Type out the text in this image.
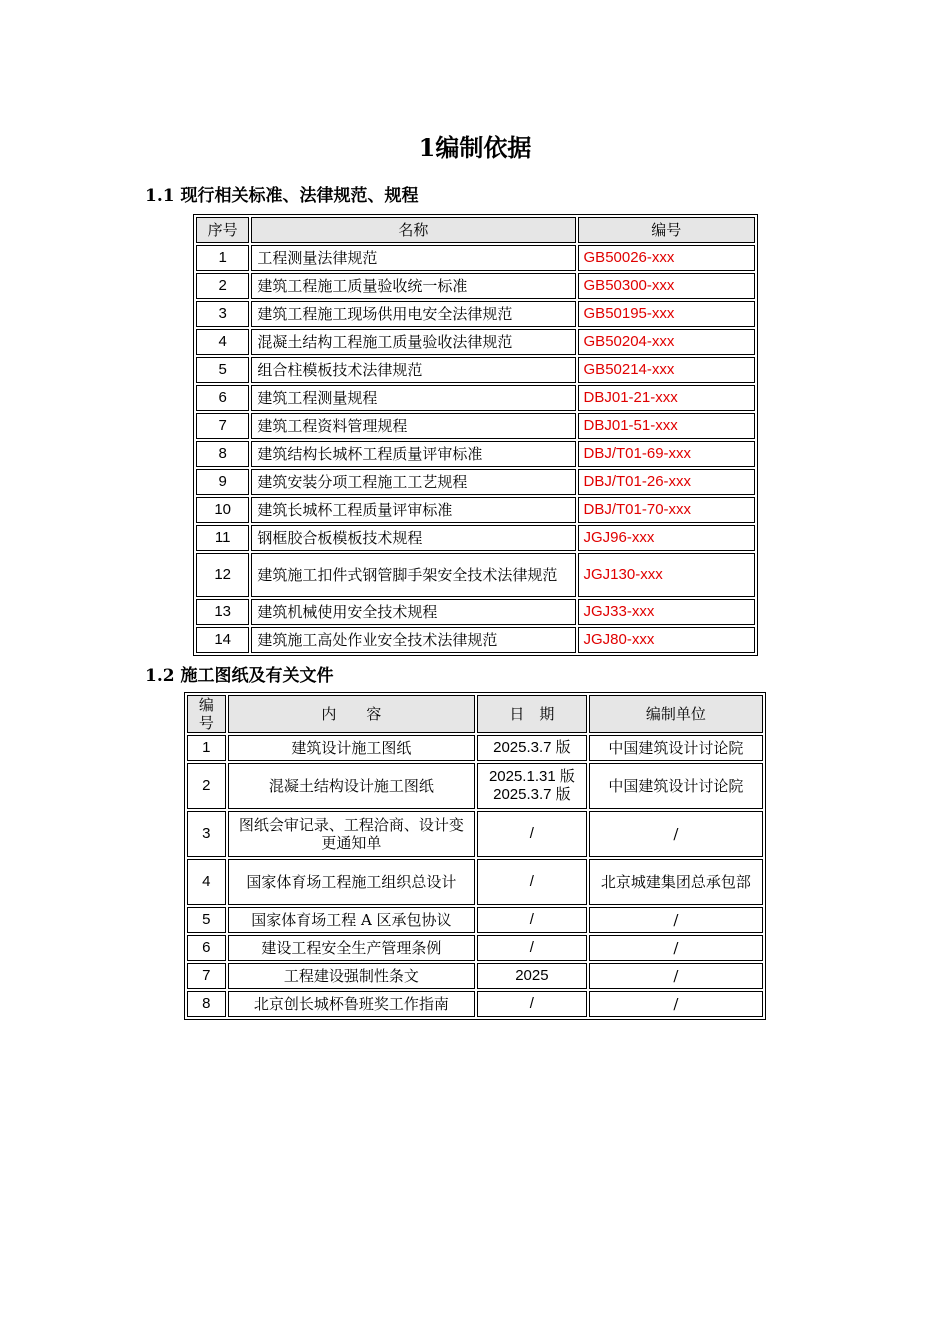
1编制依据
1.1 现行相关标准、法律规范、规程
序号	名称	编号
1	工程测量法律规范	GB50026-xxx
2	建筑工程施工质量验收统一标准	GB50300-xxx
3	建筑工程施工现场供用电安全法律规范	GB50195-xxx
4	混凝土结构工程施工质量验收法律规范	GB50204-xxx
5	组合柱模板技术法律规范	GB50214-xxx
6	建筑工程测量规程	DBJ01-21-xxx
7	建筑工程资料管理规程	DBJ01-51-xxx
8	建筑结构长城杯工程质量评审标准	DBJ/T01-69-xxx
9	建筑安装分项工程施工工艺规程	DBJ/T01-26-xxx
10	建筑长城杯工程质量评审标准	DBJ/T01-70-xxx
11	钢框胶合板模板技术规程	JGJ96-xxx
12	建筑施工扣件式钢管脚手架安全技术法律规范	JGJ130-xxx
13	建筑机械使用安全技术规程	JGJ33-xxx
14	建筑施工高处作业安全技术法律规范	JGJ80-xxx
1.2 施工图纸及有关文件
编号	内　　容	日　期	编制单位
1	建筑设计施工图纸	2025.3.7 版	中国建筑设计讨论院
2	混凝土结构设计施工图纸	2025.1.31 版 2025.3.7 版	中国建筑设计讨论院
3	图纸会审记录、工程洽商、设计变更通知单	/	/
4	国家体育场工程施工组织总设计	/	北京城建集团总承包部
5	国家体育场工程 A 区承包协议	/	/
6	建设工程安全生产管理条例	/	/
7	工程建设强制性条文	2025	/
8	北京创长城杯鲁班奖工作指南	/	/
